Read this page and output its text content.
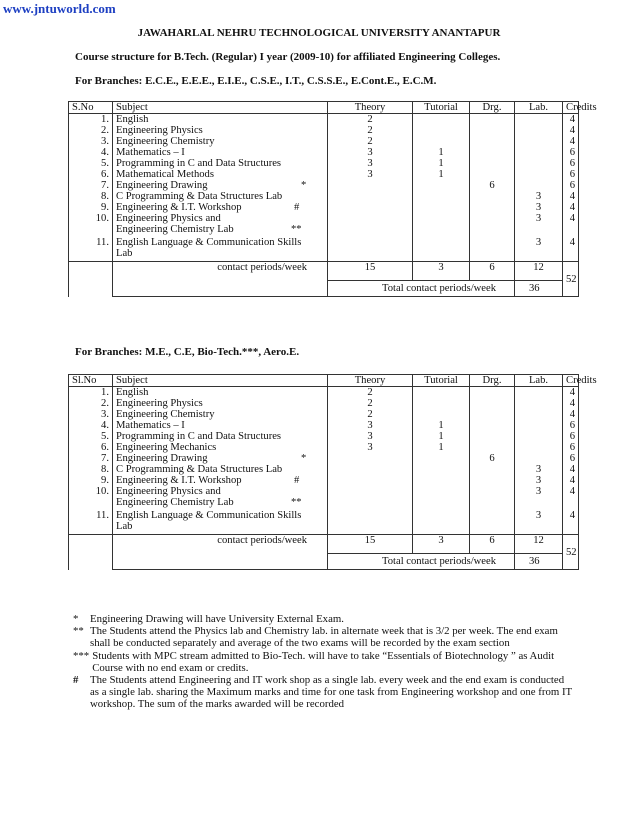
www.jntuworld.com
JAWAHARLAL NEHRU TECHNOLOGICAL UNIVERSITY ANANTAPUR
Course structure for B.Tech. (Regular) I year (2009-10) for affiliated Engineering Colleges.
For Branches: E.C.E., E.E.E., E.I.E., C.S.E., I.T., C.S.S.E., E.Cont.E., E.C.M.
S.No	Subject	Theory	Tutorial	Drg.	Lab.	Credits
1.	English	2				4
2.	Engineering Physics	2				4
3.	Engineering Chemistry	2				4
4.	Mathematics – I	3	1			6
5.	Programming in C and Data Structures	3	1			6
6.	Mathematical Methods	3	1			6
7.	Engineering Drawing *			6		6
8.	C Programming & Data Structures Lab				3	4
9.	Engineering & I.T. Workshop #				3	4
10.	Engineering Physics and
Engineering Chemistry Lab **				3	4
11.	English Language & Communication Skills
Lab				3	4
	contact periods/week	15	3	6	12	52
		Total contact periods/week			36	
For Branches: M.E., C.E, Bio-Tech.***, Aero.E.
Sl.No	Subject	Theory	Tutorial	Drg.	Lab.	Credits
1.	English	2				4
2.	Engineering Physics	2				4
3.	Engineering Chemistry	2				4
4.	Mathematics – I	3	1			6
5.	Programming in C and Data Structures	3	1			6
6.	Engineering Mechanics	3	1			6
7.	Engineering Drawing *			6		6
8.	C Programming & Data Structures Lab				3	4
9.	Engineering & I.T. Workshop #				3	4
10.	Engineering Physics and
Engineering Chemistry Lab **				3	4
11.	English Language & Communication Skills
Lab				3	4
	contact periods/week	15	3	6	12	52
		Total contact periods/week			36	
*	Engineering Drawing will have University External Exam.
** The Students attend the Physics lab and Chemistry lab. in alternate week that is 3/2 per week. The end exam shall be conducted separately and average of the two exams will be recorded by the exam section
*** Students with MPC stream admitted to Bio-Tech. will have to take “Essentials of Biotechnology ” as Audit Course with no end exam or credits.
#	The Students attend Engineering and IT work shop as a single lab. every week and the end exam is conducted as a single lab. sharing the Maximum marks and time for one task from Engineering workshop and one from IT workshop. The sum of the marks awarded will be recorded
